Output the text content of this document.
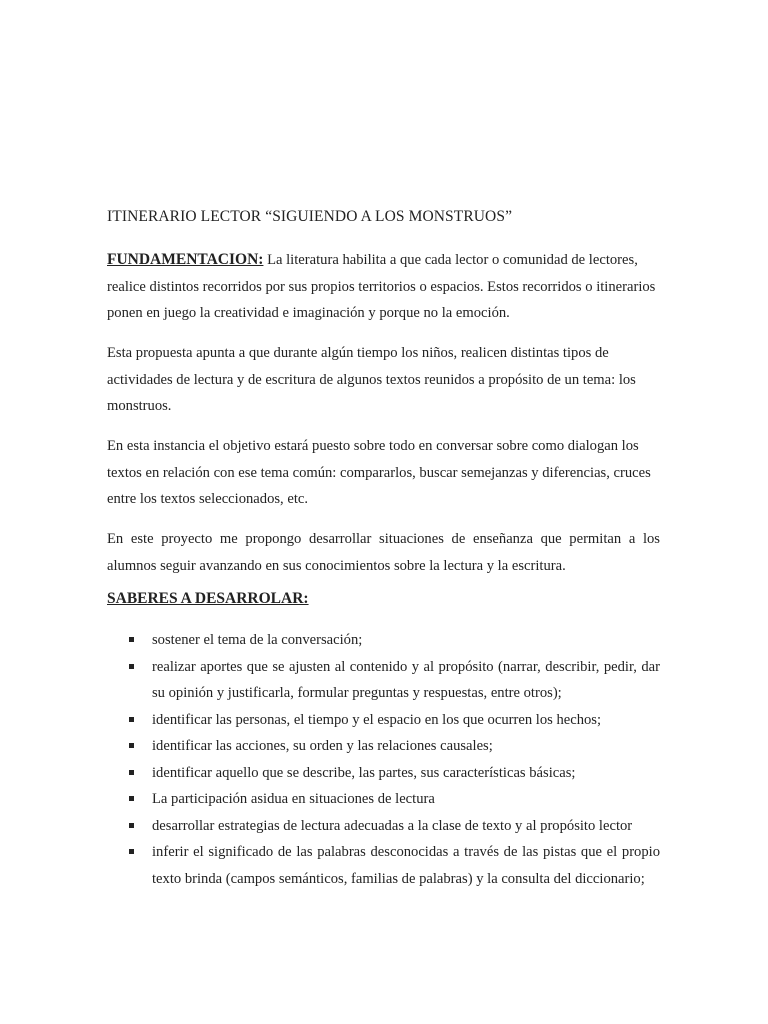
ITINERARIO LECTOR “SIGUIENDO A LOS MONSTRUOS”

FUNDAMENTACION: La literatura habilita a que cada lector o comunidad de lectores, realice distintos recorridos por sus propios territorios o espacios. Estos recorridos o itinerarios ponen en juego la creatividad e imaginación y porque no la emoción.

Esta propuesta apunta a que durante algún tiempo los niños, realicen distintas tipos de actividades de lectura y de escritura de algunos textos reunidos a propósito de un tema: los monstruos.

En esta instancia el objetivo estará puesto sobre todo en conversar sobre como dialogan los textos en relación con ese tema común: compararlos, buscar semejanzas y diferencias, cruces entre los textos seleccionados, etc.

En este proyecto me propongo desarrollar situaciones de enseñanza que permitan a los alumnos seguir avanzando en sus conocimientos sobre la lectura y la escritura.

SABERES A DESARROLAR:
sostener el tema de la conversación;
realizar aportes que se ajusten al contenido y al propósito (narrar, describir, pedir, dar su opinión y justificarla, formular preguntas y respuestas, entre otros);
identificar las personas, el tiempo y el espacio en los que ocurren los hechos;
identificar las acciones, su orden y las relaciones causales;
identificar aquello que se describe, las partes, sus características básicas;
La participación asidua en situaciones de lectura
desarrollar estrategias de lectura adecuadas a la clase de texto y al propósito lector
inferir el significado de las palabras desconocidas a través de las pistas que el propio texto brinda (campos semánticos, familias de palabras) y la consulta del diccionario;
